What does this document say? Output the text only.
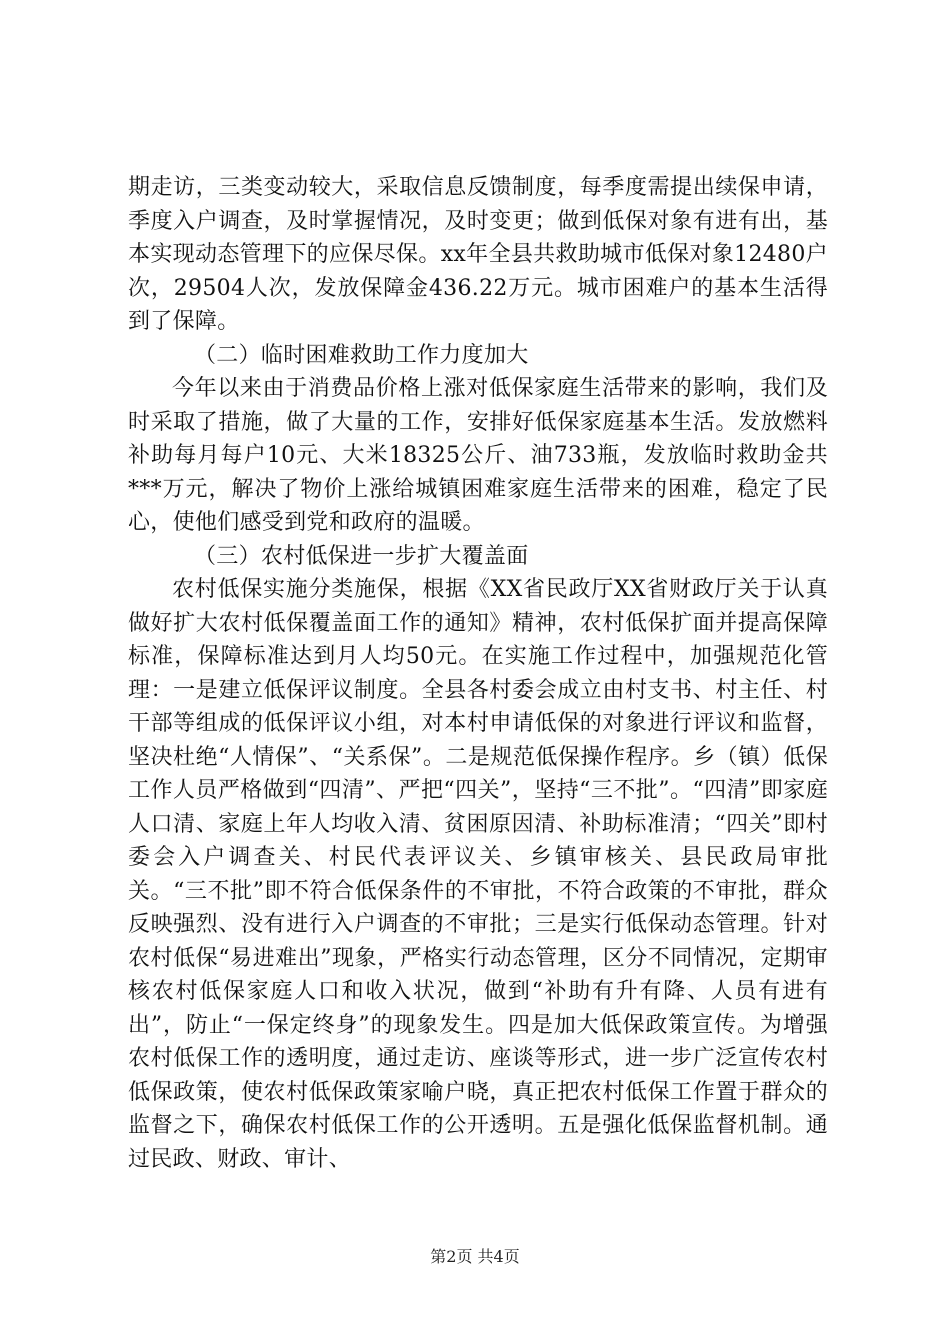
期走访，三类变动较大，采取信息反馈制度，每季度需提出续保申请，季度入户调查，及时掌握情况，及时变更；做到低保对象有进有出，基本实现动态管理下的应保尽保。xx年全县共救助城市低保对象12480户次，29504人次，发放保障金436.22万元。城市困难户的基本生活得到了保障。

（二）临时困难救助工作力度加大

今年以来由于消费品价格上涨对低保家庭生活带来的影响，我们及时采取了措施，做了大量的工作，安排好低保家庭基本生活。发放燃料补助每月每户10元、大米18325公斤、油733瓶，发放临时救助金共***万元，解决了物价上涨给城镇困难家庭生活带来的困难，稳定了民心，使他们感受到党和政府的温暖。

（三）农村低保进一步扩大覆盖面

农村低保实施分类施保，根据《XX省民政厅XX省财政厅关于认真做好扩大农村低保覆盖面工作的通知》精神，农村低保扩面并提高保障标准，保障标准达到月人均50元。在实施工作过程中，加强规范化管理：一是建立低保评议制度。全县各村委会成立由村支书、村主任、村干部等组成的低保评议小组，对本村申请低保的对象进行评议和监督，坚决杜绝“人情保”、“关系保”。二是规范低保操作程序。乡（镇）低保工作人员严格做到“四清”、严把“四关”，坚持“三不批”。“四清”即家庭人口清、家庭上年人均收入清、贫困原因清、补助标准清；“四关”即村委会入户调查关、村民代表评议关、乡镇审核关、县民政局审批关。“三不批”即不符合低保条件的不审批，不符合政策的不审批，群众反映强烈、没有进行入户调查的不审批；三是实行低保动态管理。针对农村低保“易进难出”现象，严格实行动态管理，区分不同情况，定期审核农村低保家庭人口和收入状况，做到“补助有升有降、人员有进有出”，防止“一保定终身”的现象发生。四是加大低保政策宣传。为增强农村低保工作的透明度，通过走访、座谈等形式，进一步广泛宣传农村低保政策，使农村低保政策家喻户晓，真正把农村低保工作置于群众的监督之下，确保农村低保工作的公开透明。五是强化低保监督机制。通过民政、财政、审计、

第2页 共4页
